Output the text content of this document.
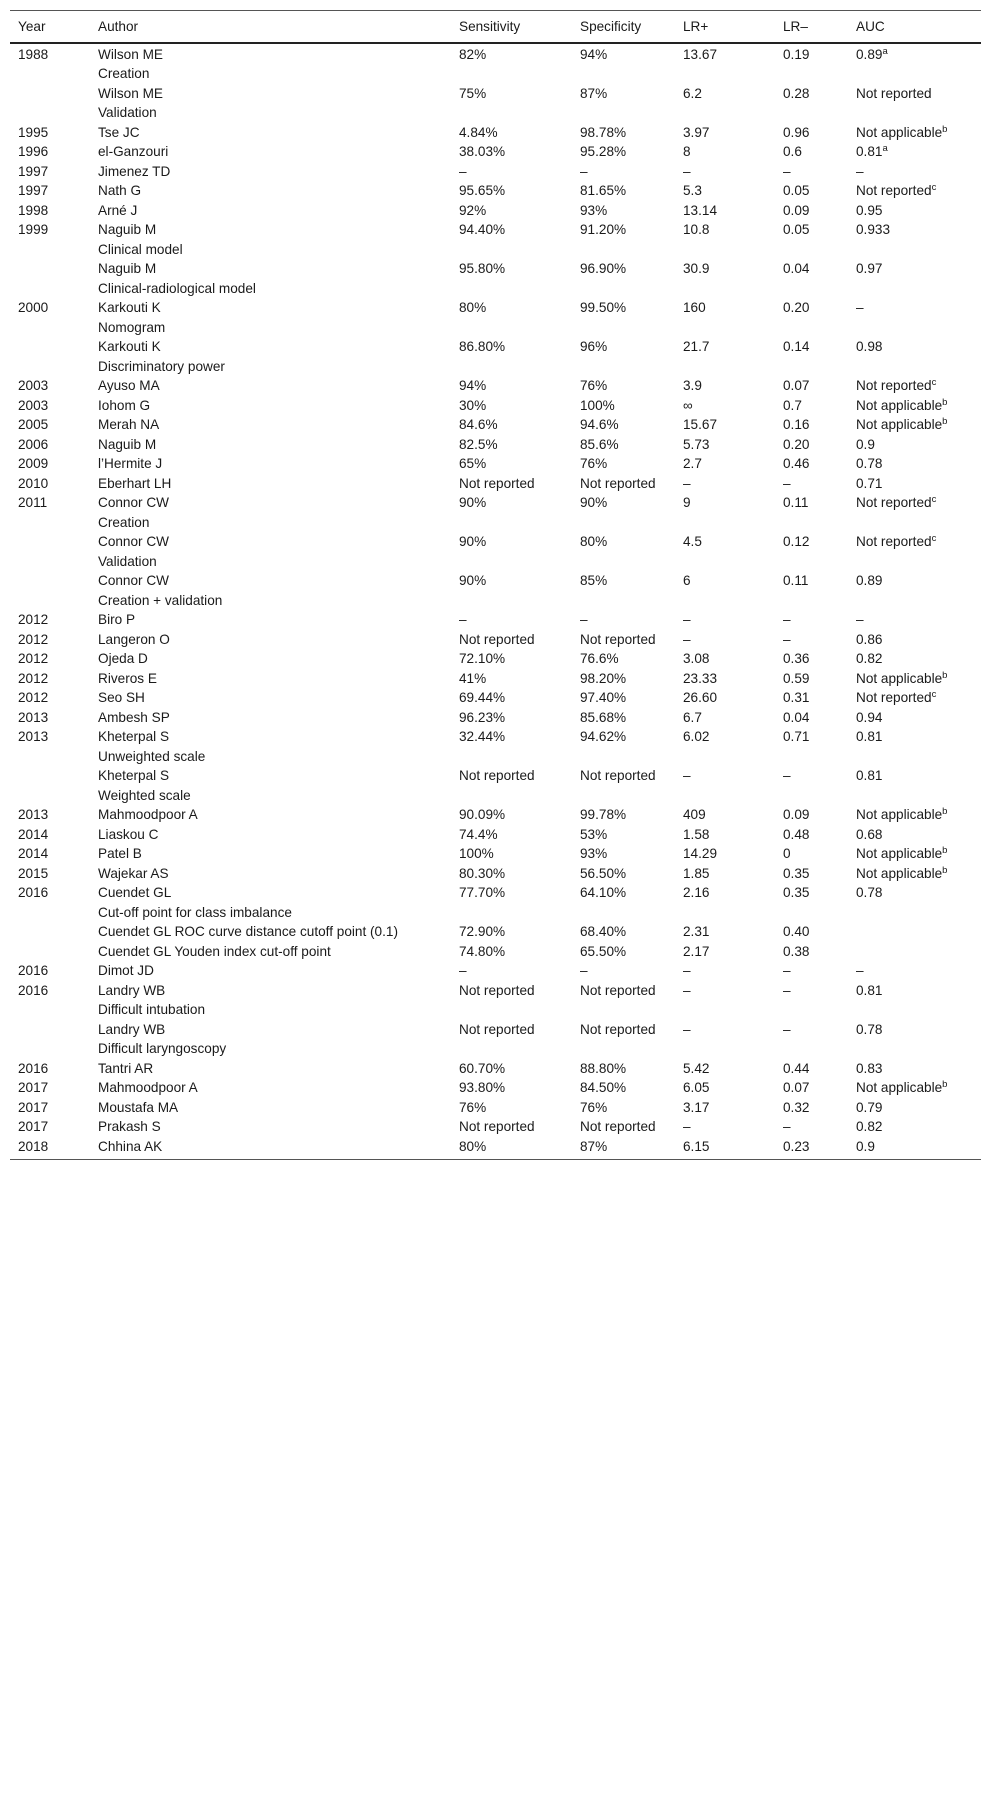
Year	Author	Sensitivity	Specificity	LR+	LR–	AUC
1988	Wilson ME	82%	94%	13.67	0.19	0.89$^a$
	Creation					
	Wilson ME	75%	87%	6.2	0.28	Not reported
	Validation					
1995	Tse JC	4.84%	98.78%	3.97	0.96	Not applicable$^b$
1996	el-Ganzouri	38.03%	95.28%	8	0.6	0.81$^a$
1997	Jimenez TD	–	–	–	–	–
1997	Nath G	95.65%	81.65%	5.3	0.05	Not reported$^c$
1998	Arné J	92%	93%	13.14	0.09	0.95
1999	Naguib M	94.40%	91.20%	10.8	0.05	0.933
	Clinical model					
	Naguib M	95.80%	96.90%	30.9	0.04	0.97
	Clinical-radiological model					
2000	Karkouti K	80%	99.50%	160	0.20	–
	Nomogram					
	Karkouti K	86.80%	96%	21.7	0.14	0.98
	Discriminatory power					
2003	Ayuso MA	94%	76%	3.9	0.07	Not reported$^c$
2003	Iohom G	30%	100%	∞	0.7	Not applicable$^b$
2005	Merah NA	84.6%	94.6%	15.67	0.16	Not applicable$^b$
2006	Naguib M	82.5%	85.6%	5.73	0.20	0.9
2009	l’Hermite J	65%	76%	2.7	0.46	0.78
2010	Eberhart LH	Not reported	Not reported	–	–	0.71
2011	Connor CW	90%	90%	9	0.11	Not reported$^c$
	Creation					
	Connor CW	90%	80%	4.5	0.12	Not reported$^c$
	Validation					
	Connor CW	90%	85%	6	0.11	0.89
	Creation + validation					
2012	Biro P	–	–	–	–	–
2012	Langeron O	Not reported	Not reported	–	–	0.86
2012	Ojeda D	72.10%	76.6%	3.08	0.36	0.82
2012	Riveros E	41%	98.20%	23.33	0.59	Not applicable$^b$
2012	Seo SH	69.44%	97.40%	26.60	0.31	Not reported$^c$
2013	Ambesh SP	96.23%	85.68%	6.7	0.04	0.94
2013	Kheterpal S	32.44%	94.62%	6.02	0.71	0.81
	Unweighted scale					
	Kheterpal S	Not reported	Not reported	–	–	0.81
	Weighted scale					
2013	Mahmoodpoor A	90.09%	99.78%	409	0.09	Not applicable$^b$
2014	Liaskou C	74.4%	53%	1.58	0.48	0.68
2014	Patel B	100%	93%	14.29	0	Not applicable$^b$
2015	Wajekar AS	80.30%	56.50%	1.85	0.35	Not applicable$^b$
2016	Cuendet GL	77.70%	64.10%	2.16	0.35	0.78
	Cut-off point for class imbalance					
	Cuendet GL ROC curve distance cutoff point (0.1)	72.90%	68.40%	2.31	0.40	
	Cuendet GL Youden index cut-off point	74.80%	65.50%	2.17	0.38	
2016	Dimot JD	–	–	–	–	–
2016	Landry WB	Not reported	Not reported	–	–	0.81
	Difficult intubation					
	Landry WB	Not reported	Not reported	–	–	0.78
	Difficult laryngoscopy					
2016	Tantri AR	60.70%	88.80%	5.42	0.44	0.83
2017	Mahmoodpoor A	93.80%	84.50%	6.05	0.07	Not applicable$^b$
2017	Moustafa MA	76%	76%	3.17	0.32	0.79
2017	Prakash S	Not reported	Not reported	–	–	0.82
2018	Chhina AK	80%	87%	6.15	0.23	0.9
